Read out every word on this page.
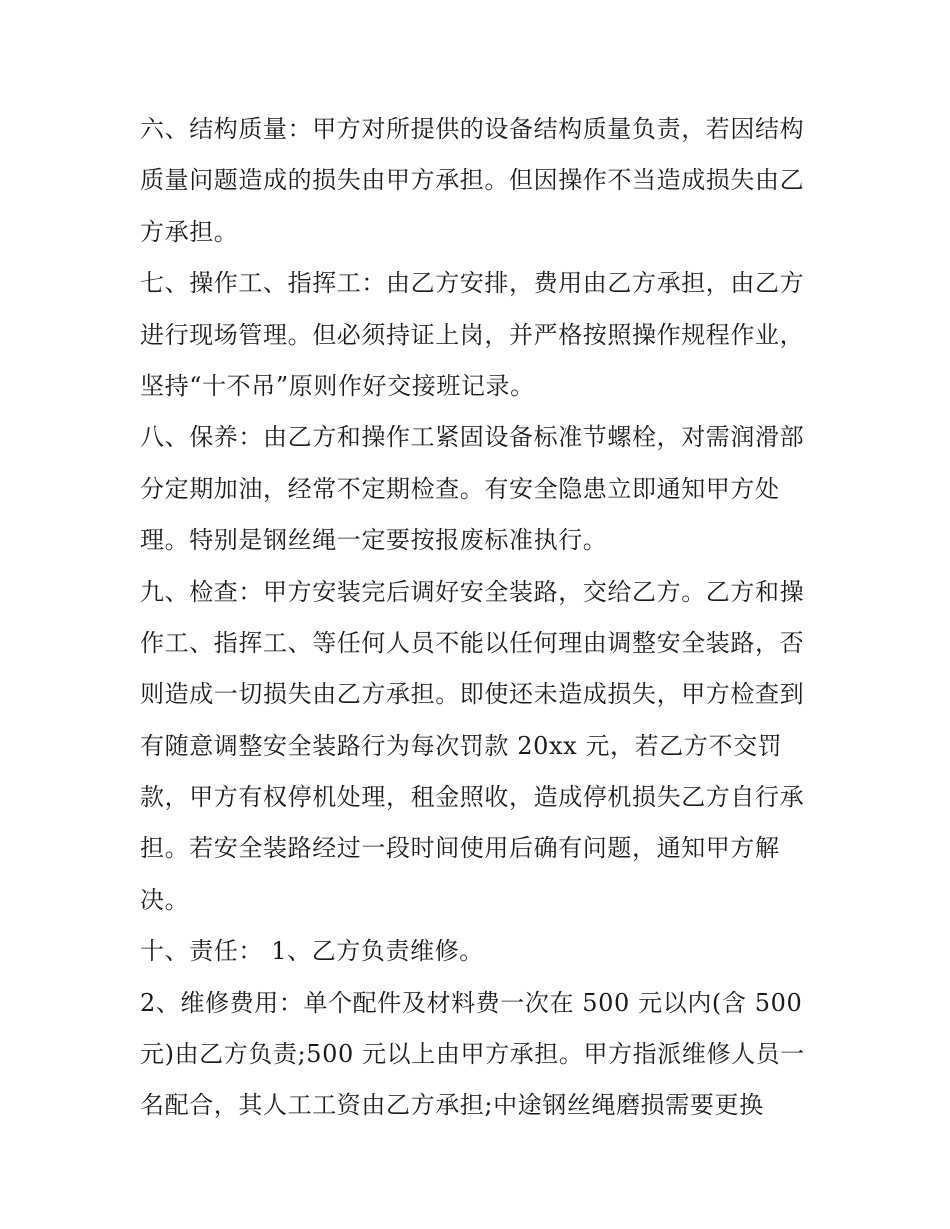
六、结构质量：甲方对所提供的设备结构质量负责，若因结构
质量问题造成的损失由甲方承担。但因操作不当造成损失由乙
方承担。
七、操作工、指挥工：由乙方安排，费用由乙方承担，由乙方
进行现场管理。但必须持证上岗，并严格按照操作规程作业，
坚持“十不吊”原则作好交接班记录。
八、保养：由乙方和操作工紧固设备标准节螺栓，对需润滑部
分定期加油，经常不定期检查。有安全隐患立即通知甲方处
理。特别是钢丝绳一定要按报废标准执行。
九、检查：甲方安装完后调好安全装路，交给乙方。乙方和操
作工、指挥工、等任何人员不能以任何理由调整安全装路，否
则造成一切损失由乙方承担。即使还未造成损失，甲方检查到
有随意调整安全装路行为每次罚款 20xx 元，若乙方不交罚
款，甲方有权停机处理，租金照收，造成停机损失乙方自行承
担。若安全装路经过一段时间使用后确有问题，通知甲方解
决。
十、责任： 1、乙方负责维修。
2、维修费用：单个配件及材料费一次在 500 元以内(含 500
元)由乙方负责;500 元以上由甲方承担。甲方指派维修人员一
名配合，其人工工资由乙方承担;中途钢丝绳磨损需要更换
